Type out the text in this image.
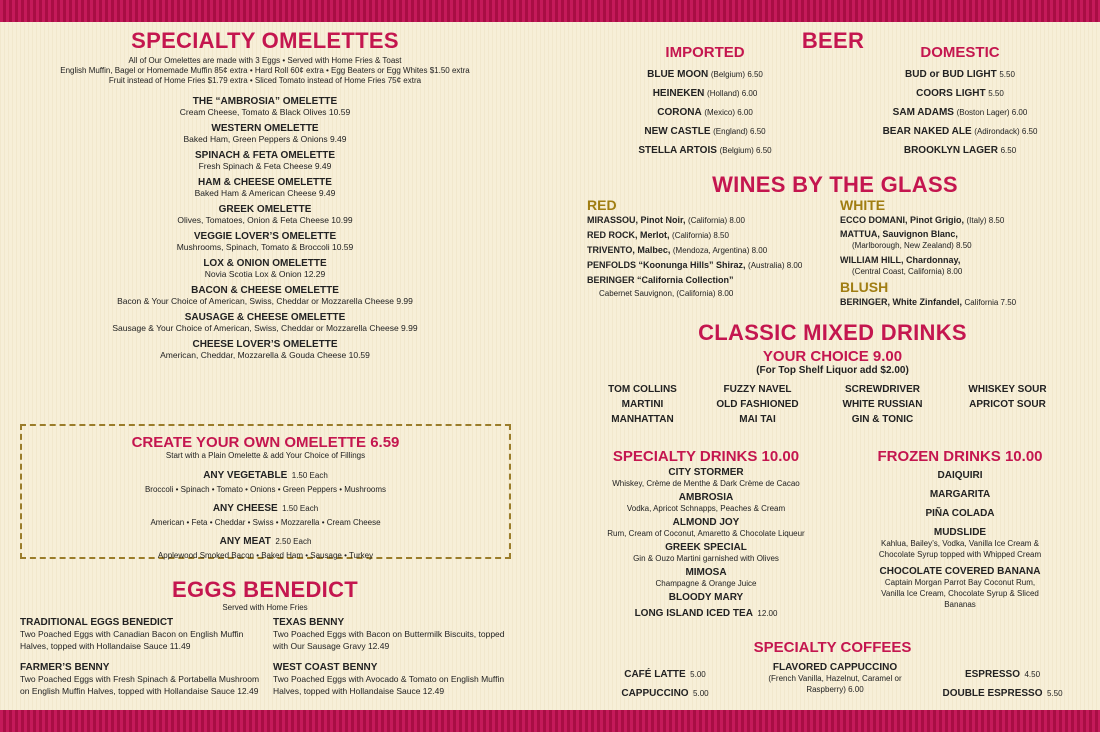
SPECIALTY OMELETTES
All of Our Omelettes are made with 3 Eggs • Served with Home Fries & Toast
English Muffin, Bagel or Homemade Muffin 85¢ extra • Hard Roll 60¢ extra • Egg Beaters or Egg Whites $1.50 extra
Fruit instead of Home Fries $1.79 extra • Sliced Tomato instead of Home Fries 75¢ extra
THE “AMBROSIA” OMELETTE
Cream Cheese, Tomato & Black Olives 10.59
WESTERN OMELETTE
Baked Ham, Green Peppers & Onions 9.49
SPINACH & FETA OMELETTE
Fresh Spinach & Feta Cheese 9.49
HAM & CHEESE OMELETTE
Baked Ham & American Cheese 9.49
GREEK OMELETTE
Olives, Tomatoes, Onion & Feta Cheese 10.99
VEGGIE LOVER’S OMELETTE
Mushrooms, Spinach, Tomato & Broccoli 10.59
LOX & ONION OMELETTE
Novia Scotia Lox & Onion 12.29
BACON & CHEESE OMELETTE
Bacon & Your Choice of American, Swiss, Cheddar or Mozzarella Cheese 9.99
SAUSAGE & CHEESE OMELETTE
Sausage & Your Choice of American, Swiss, Cheddar or Mozzarella Cheese 9.99
CHEESE LOVER’S OMELETTE
American, Cheddar, Mozzarella & Gouda Cheese 10.59
CREATE YOUR OWN OMELETTE 6.59
Start with a Plain Omelette & add Your Choice of Fillings
ANY VEGETABLE 1.50 Each
Broccoli • Spinach • Tomato • Onions • Green Peppers • Mushrooms
ANY CHEESE 1.50 Each
American • Feta • Cheddar • Swiss • Mozzarella • Cream Cheese
ANY MEAT 2.50 Each
Applewood Smoked Bacon • Baked Ham • Sausage • Turkey
EGGS BENEDICT
Served with Home Fries
TRADITIONAL EGGS BENEDICT
Two Poached Eggs with Canadian Bacon on English Muffin Halves, topped with Hollandaise Sauce 11.49
TEXAS BENNY
Two Poached Eggs with Bacon on Buttermilk Biscuits, topped with Our Sausage Gravy 12.49
FARMER’S BENNY
Two Poached Eggs with Fresh Spinach & Portabella Mushroom on English Muffin Halves, topped with Hollandaise Sauce 12.49
WEST COAST BENNY
Two Poached Eggs with Avocado & Tomato on English Muffin Halves, topped with Hollandaise Sauce 12.49
BEER
IMPORTED
BLUE MOON (Belgium) 6.50
HEINEKEN (Holland) 6.00
CORONA (Mexico) 6.00
NEW CASTLE (England) 6.50
STELLA ARTOIS (Belgium) 6.50
DOMESTIC
BUD or BUD LIGHT 5.50
COORS LIGHT 5.50
SAM ADAMS (Boston Lager) 6.00
BEAR NAKED ALE (Adirondack) 6.50
BROOKLYN LAGER 6.50
WINES BY THE GLASS
RED
MIRASSOU, Pinot Noir, (California) 8.00
RED ROCK, Merlot, (California) 8.50
TRIVENTO, Malbec, (Mendoza, Argentina) 8.00
PENFOLDS “Koonunga Hills” Shiraz, (Australia) 8.00
BERINGER “California Collection”
Cabernet Sauvignon, (California) 8.00
WHITE
ECCO DOMANI, Pinot Grigio, (Italy) 8.50
MATTUA, Sauvignon Blanc,
(Marlborough, New Zealand) 8.50
WILLIAM HILL, Chardonnay,
(Central Coast, California) 8.00
BLUSH
BERINGER, White Zinfandel, California 7.50
CLASSIC MIXED DRINKS
YOUR CHOICE 9.00
(For Top Shelf Liquor add $2.00)
TOM COLLINS	FUZZY NAVEL	SCREWDRIVER	WHISKEY SOUR
MARTINI	OLD FASHIONED	WHITE RUSSIAN	APRICOT SOUR
MANHATTAN	MAI TAI	GIN & TONIC
SPECIALTY DRINKS 10.00
CITY STORMER
Whiskey, Crème de Menthe & Dark Crème de Cacao
AMBROSIA
Vodka, Apricot Schnapps, Peaches & Cream
ALMOND JOY
Rum, Cream of Coconut, Amaretto & Chocolate Liqueur
GREEK SPECIAL
Gin & Ouzo Martini garnished with Olives
MIMOSA
Champagne & Orange Juice
BLOODY MARY
LONG ISLAND ICED TEA 12.00
FROZEN DRINKS 10.00
DAIQUIRI
MARGARITA
PIÑA COLADA
MUDSLIDE
Kahlua, Bailey’s, Vodka, Vanilla Ice Cream & Chocolate Syrup topped with Whipped Cream
CHOCOLATE COVERED BANANA
Captain Morgan Parrot Bay Coconut Rum, Vanilla Ice Cream, Chocolate Syrup & Sliced Bananas
SPECIALTY COFFEES
CAFÉ LATTE 5.00
CAPPUCCINO 5.00
FLAVORED CAPPUCCINO
(French Vanilla, Hazelnut, Caramel or Raspberry) 6.00
ESPRESSO 4.50
DOUBLE ESPRESSO 5.50
